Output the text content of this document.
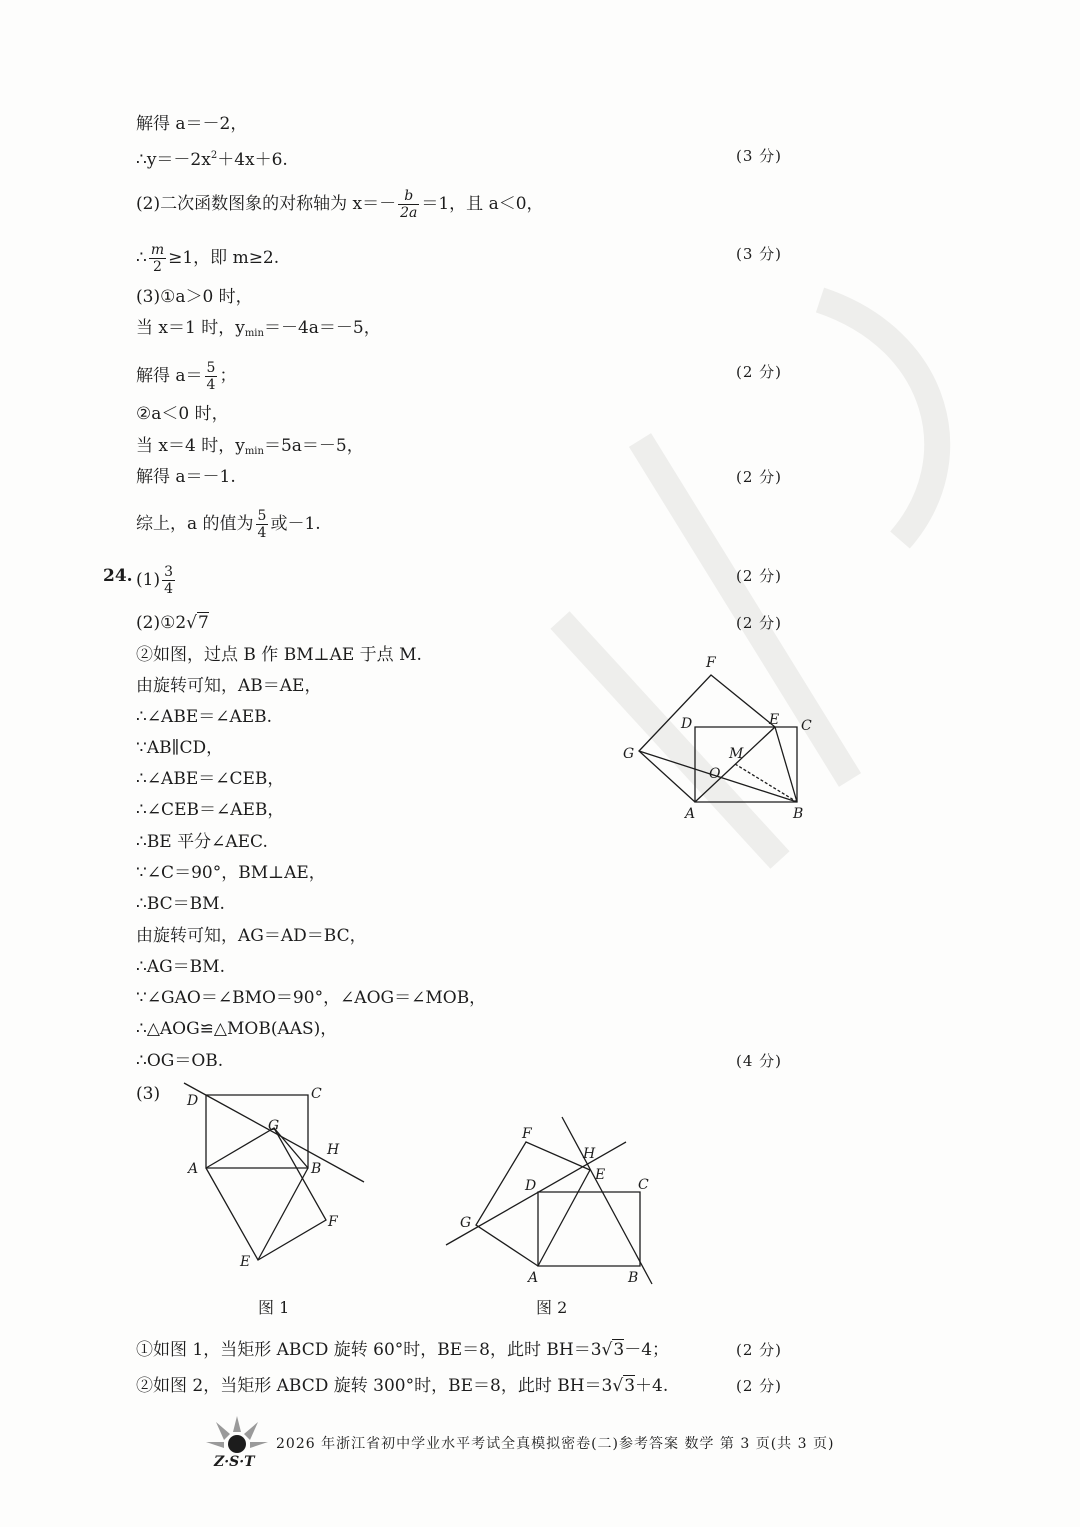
解得 a＝－2，
$\therefore y=-2x^2+4x+6$.	(3 分)
(2)二次函数图象的对称轴为 $x=- \frac{b}{2a} =1$，且 a＜0，
∴ $\frac{m}{2} \ge 1$，即 m≥2.	(3 分)
(3)①a＞0 时，
当 x＝1 时，$y_{min}=-4a=-5$，
解得 $a= \frac{5}{4}$ ；	(2 分)
②a＜0 时，
当 x＝4 时，$y_{min}=5a=-5$，
解得 a＝－1.	(2 分)
综上，a 的值为 $\frac{5}{4}$ 或－1.
24. $(1) \frac{3}{4}$	(2 分)
(2)①2√7	(2 分)
②如图，过点 B 作 BM⊥AE 于点 M.
由旋转可知，AB＝AE，
∴∠ABE＝∠AEB.
∵AB∥CD，
∴∠ABE＝∠CEB，
∴∠CEB＝∠AEB，
∴BE 平分∠AEC.
∵∠C＝90°，BM⊥AE，
∴BC＝BM.
由旋转可知，AG＝AD＝BC，
∴AG＝BM.
∵∠GAO＝∠BMO＝90°，∠AOG＝∠MOB，
∴△AOG≌△MOB(AAS)，
∴OG＝OB.	(4 分)
(3)
F
D	E C
M
G
O
A	B
D	C
G
H
A	B
F
E
图 1
F
H
E
D	C
G
A	B
图 2
①如图 1，当矩形 ABCD 旋转 60°时，BE＝8，此时 BH＝3√3－4；	(2 分)
②如图 2，当矩形 ABCD 旋转 300°时，BE＝8，此时 BH＝3√3＋4.	(2 分)
Z·S·T
2026 年浙江省初中学业水平考试全真模拟密卷(二)参考答案 数学 第 3 页(共 3 页)
